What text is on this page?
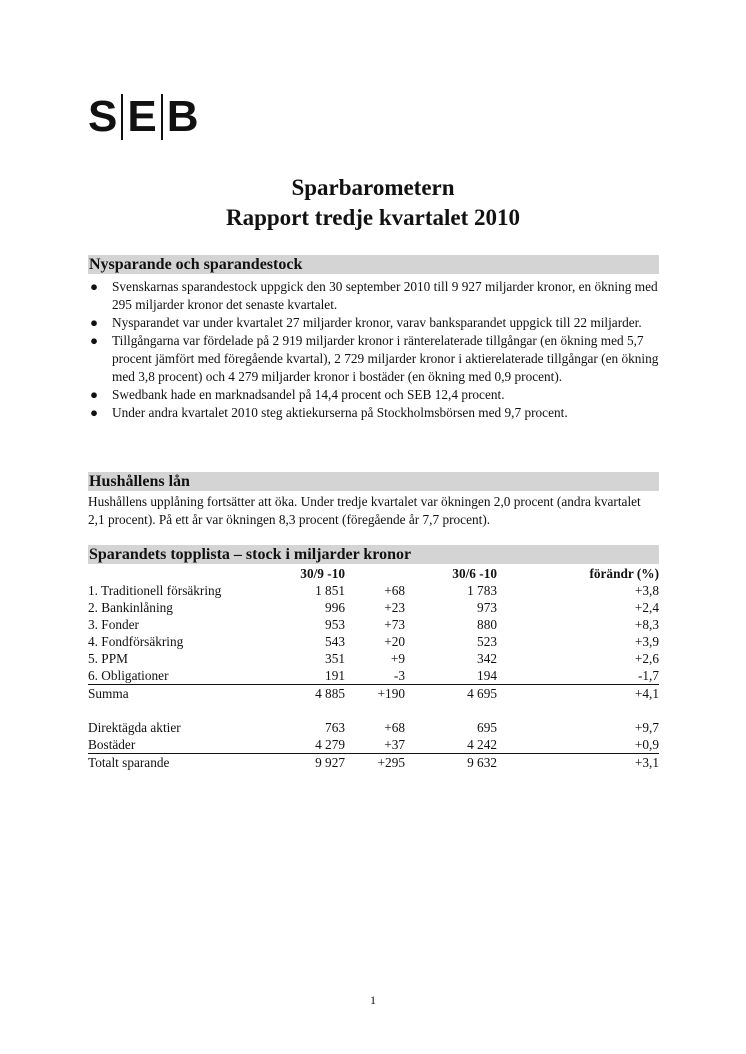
S E B
Sparbarometern
Rapport tredje kvartalet 2010
Nysparande och sparandestock
● Svenskarnas sparandestock uppgick den 30 september 2010 till 9 927 miljarder kronor, en ökning med 295 miljarder kronor det senaste kvartalet.
● Nysparandet var under kvartalet 27 miljarder kronor, varav banksparandet uppgick till 22 miljarder.
● Tillgångarna var fördelade på 2 919 miljarder kronor i ränterelaterade tillgångar (en ökning med 5,7 procent jämfört med föregående kvartal), 2 729 miljarder kronor i aktierelaterade tillgångar (en ökning med 3,8 procent) och 4 279 miljarder kronor i bostäder (en ökning med 0,9 procent).
● Swedbank hade en marknadsandel på 14,4 procent och SEB 12,4 procent.
● Under andra kvartalet 2010 steg aktiekurserna på Stockholmsbörsen med 9,7 procent.
Hushållens lån
Hushållens upplåning fortsätter att öka. Under tredje kvartalet var ökningen 2,0 procent (andra kvartalet 2,1 procent). På ett år var ökningen 8,3 procent (föregående år 7,7 procent).
Sparandets topplista – stock i miljarder kronor
	30/9 -10		30/6 -10	förändr (%)
1. Traditionell försäkring	1 851	+68	1 783	+3,8
2. Bankinlåning	996	+23	973	+2,4
3. Fonder	953	+73	880	+8,3
4. Fondförsäkring	543	+20	523	+3,9
5. PPM	351	+9	342	+2,6
6. Obligationer	191	-3	194	-1,7
Summa	4 885	+190	4 695	+4,1

Direktägda aktier	763	+68	695	+9,7
Bostäder	4 279	+37	4 242	+0,9
Totalt sparande	9 927	+295	9 632	+3,1
1
